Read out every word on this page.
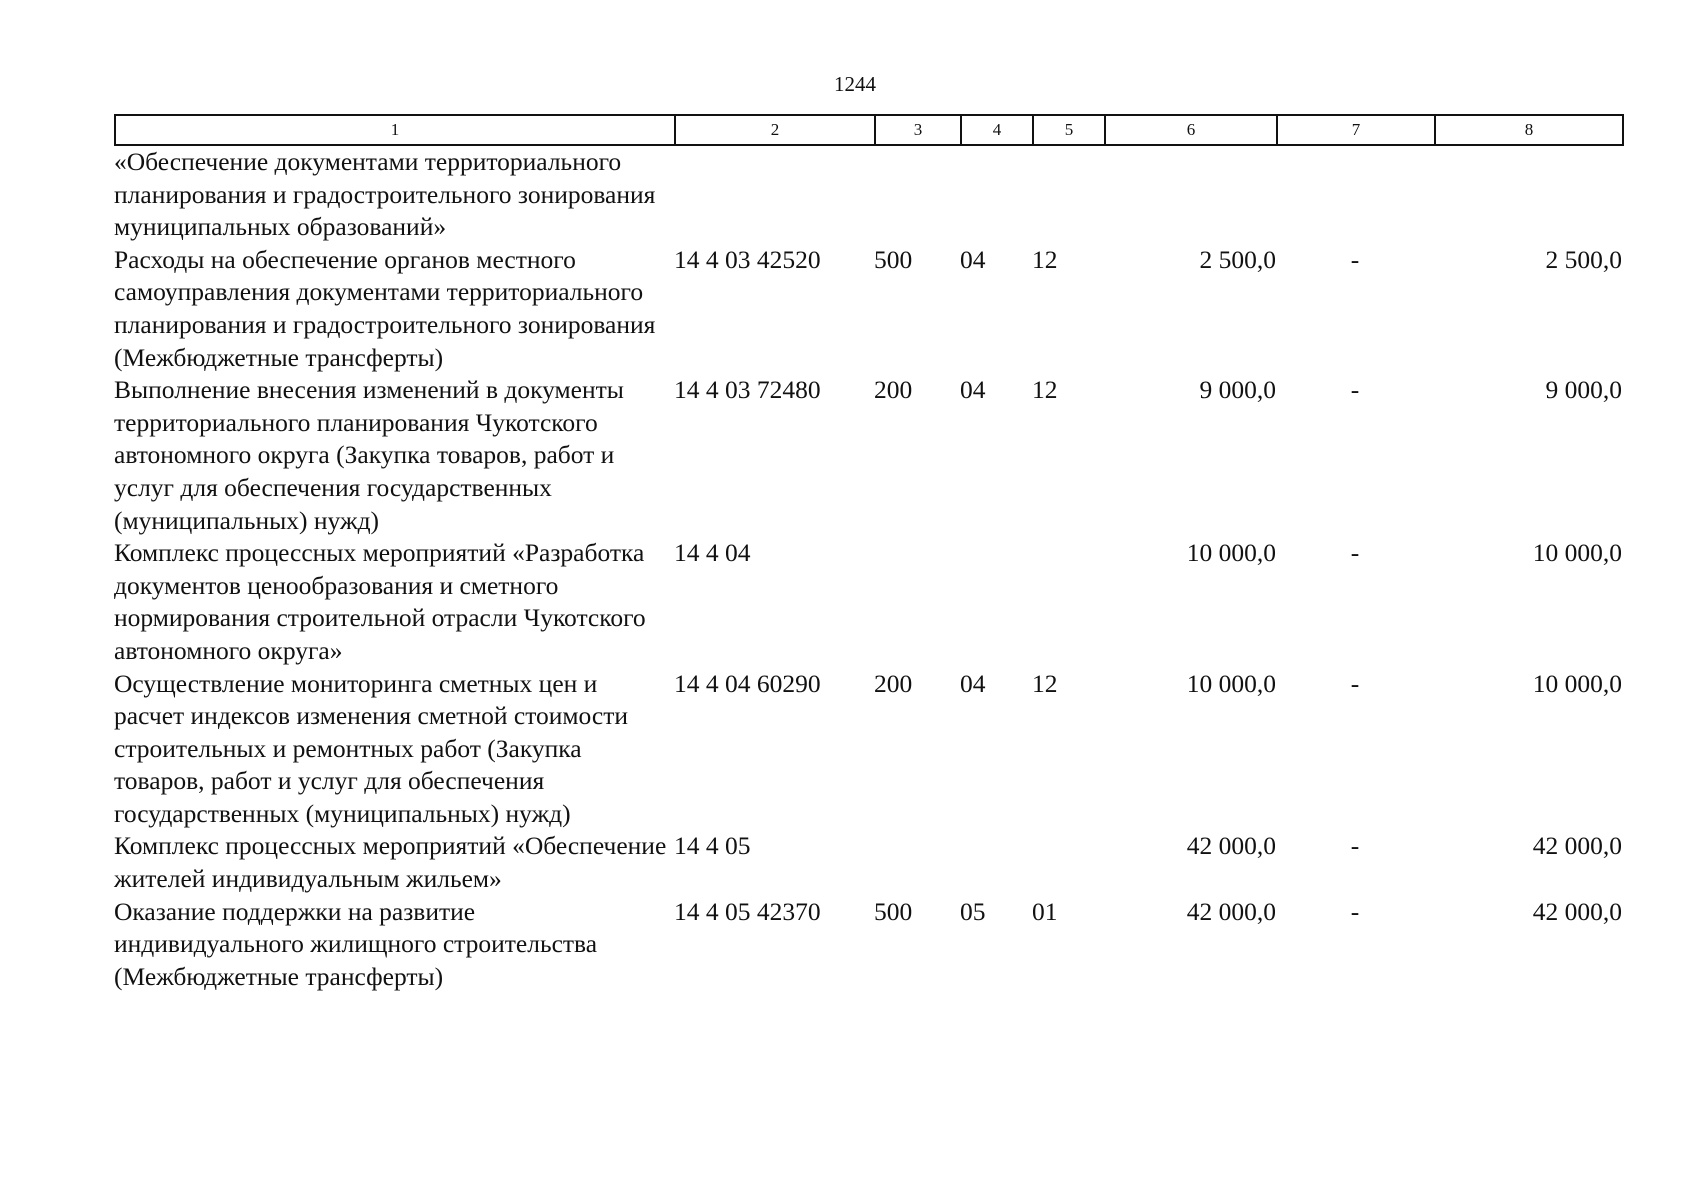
1244
1	2	3	4	5	6	7	8
«Обеспечение документами территориального планирования и градостроительного зонирования муниципальных образований»							
Расходы на обеспечение органов местного самоуправления документами территориального планирования и градостроительного зонирования (Межбюджетные трансферты)	14 4 03 42520	500	04	12	2 500,0	-	2 500,0
Выполнение внесения изменений в документы территориального планирования Чукотского автономного округа (Закупка товаров, работ и услуг для обеспечения государственных (муниципальных) нужд)	14 4 03 72480	200	04	12	9 000,0	-	9 000,0
Комплекс процессных мероприятий «Разработка документов ценообразования и сметного нормирования строительной отрасли Чукотского автономного округа»	14 4 04				10 000,0	-	10 000,0
Осуществление мониторинга сметных цен и расчет индексов изменения сметной стоимости строительных и ремонтных работ (Закупка товаров, работ и услуг для обеспечения государственных (муниципальных) нужд)	14 4 04 60290	200	04	12	10 000,0	-	10 000,0
Комплекс процессных мероприятий «Обеспечение жителей индивидуальным жильем»	14 4 05				42 000,0	-	42 000,0
Оказание поддержки на развитие индивидуального жилищного строительства (Межбюджетные трансферты)	14 4 05 42370	500	05	01	42 000,0	-	42 000,0
